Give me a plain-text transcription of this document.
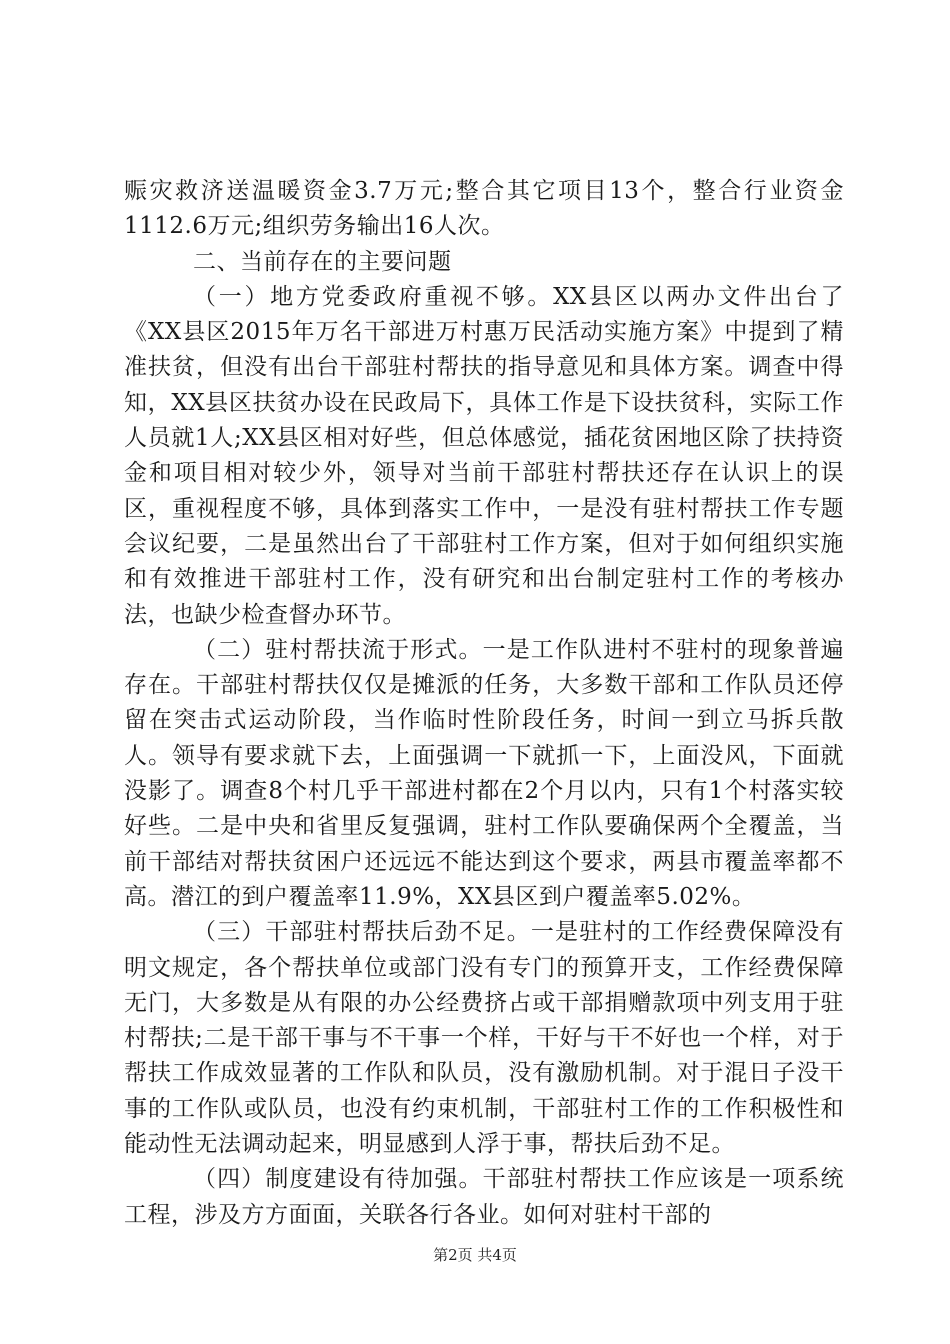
赈灾救济送温暖资金3.7万元;整合其它项目13个，整合行业资金1112.6万元;组织劳务输出16人次。

二、当前存在的主要问题

（一）地方党委政府重视不够。XX县区以两办文件出台了《XX县区2015年万名干部进万村惠万民活动实施方案》中提到了精准扶贫，但没有出台干部驻村帮扶的指导意见和具体方案。调查中得知，XX县区扶贫办设在民政局下，具体工作是下设扶贫科，实际工作人员就1人;XX县区相对好些，但总体感觉，插花贫困地区除了扶持资金和项目相对较少外，领导对当前干部驻村帮扶还存在认识上的误区，重视程度不够，具体到落实工作中，一是没有驻村帮扶工作专题会议纪要，二是虽然出台了干部驻村工作方案，但对于如何组织实施和有效推进干部驻村工作，没有研究和出台制定驻村工作的考核办法，也缺少检查督办环节。

（二）驻村帮扶流于形式。一是工作队进村不驻村的现象普遍存在。干部驻村帮扶仅仅是摊派的任务，大多数干部和工作队员还停留在突击式运动阶段，当作临时性阶段任务，时间一到立马拆兵散人。领导有要求就下去，上面强调一下就抓一下，上面没风，下面就没影了。调查8个村几乎干部进村都在2个月以内，只有1个村落实较好些。二是中央和省里反复强调，驻村工作队要确保两个全覆盖，当前干部结对帮扶贫困户还远远不能达到这个要求，两县市覆盖率都不高。潜江的到户覆盖率11.9%，XX县区到户覆盖率5.02%。

（三）干部驻村帮扶后劲不足。一是驻村的工作经费保障没有明文规定，各个帮扶单位或部门没有专门的预算开支，工作经费保障无门，大多数是从有限的办公经费挤占或干部捐赠款项中列支用于驻村帮扶;二是干部干事与不干事一个样，干好与干不好也一个样，对于帮扶工作成效显著的工作队和队员，没有激励机制。对于混日子没干事的工作队或队员，也没有约束机制，干部驻村工作的工作积极性和能动性无法调动起来，明显感到人浮于事，帮扶后劲不足。

（四）制度建设有待加强。干部驻村帮扶工作应该是一项系统工程，涉及方方面面，关联各行各业。如何对驻村干部的

第2页 共4页
